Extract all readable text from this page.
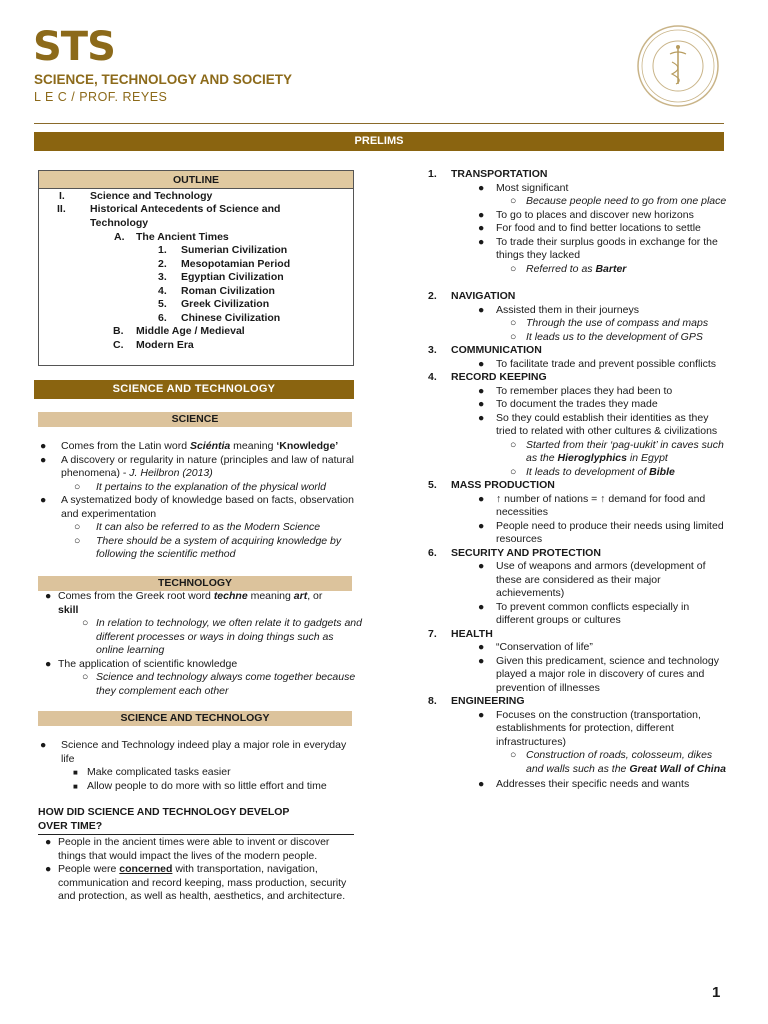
STS
SCIENCE, TECHNOLOGY AND SOCIETY
L E C / PROF. REYES
PRELIMS
OUTLINE
I. Science and Technology
II. Historical Antecedents of Science and Technology
A. The Ancient Times
1. Sumerian Civilization
2. Mesopotamian Period
3. Egyptian Civilization
4. Roman Civilization
5. Greek Civilization
6. Chinese Civilization
B. Middle Age / Medieval
C. Modern Era
SCIENCE AND TECHNOLOGY
SCIENCE
● Comes from the Latin word Sciéntia meaning ‘Knowledge’
● A discovery or regularity in nature (principles and law of natural phenomena) - J. Heilbron (2013)
○ It pertains to the explanation of the physical world
● A systematized body of knowledge based on facts, observation and experimentation
○ It can also be referred to as the Modern Science
○ There should be a system of acquiring knowledge by following the scientific method
TECHNOLOGY
● Comes from the Greek root word techne meaning art, or
skill
○ In relation to technology, we often relate it to gadgets and different processes or ways in doing things such as online learning
● The application of scientific knowledge
○ Science and technology always come together because they complement each other
SCIENCE AND TECHNOLOGY
● Science and Technology indeed play a major role in everyday life
■ Make complicated tasks easier
■ Allow people to do more with so little effort and time
HOW DID SCIENCE AND TECHNOLOGY DEVELOP
OVER TIME?
● People in the ancient times were able to invent or discover things that would impact the lives of the modern people.
● People were concerned with transportation, navigation, communication and record keeping, mass production, security and protection, as well as health, aesthetics, and architecture.
1. TRANSPORTATION
● Most significant
○ Because people need to go from one place
● To go to places and discover new horizons
● For food and to find better locations to settle
● To trade their surplus goods in exchange for the things they lacked
○ Referred to as Barter
2. NAVIGATION
● Assisted them in their journeys
○ Through the use of compass and maps
○ It leads us to the development of GPS
3. COMMUNICATION
● To facilitate trade and prevent possible conflicts
4. RECORD KEEPING
● To remember places they had been to
● To document the trades they made
● So they could establish their identities as they tried to related with other cultures & civilizations
○ Started from their ‘pag-uukit’ in caves such as the Hieroglyphics in Egypt
○ It leads to development of Bible
5. MASS PRODUCTION
● ↑ number of nations = ↑ demand for food and necessities
● People need to produce their needs using limited resources
6. SECURITY AND PROTECTION
● Use of weapons and armors (development of these are considered as their major achievements)
● To prevent common conflicts especially in different groups or cultures
7. HEALTH
● “Conservation of life”
● Given this predicament, science and technology played a major role in discovery of cures and prevention of illnesses
8. ENGINEERING
● Focuses on the construction (transportation, establishments for protection, different infrastructures)
○ Construction of roads, colosseum, dikes and walls such as the Great Wall of China
● Addresses their specific needs and wants
1
